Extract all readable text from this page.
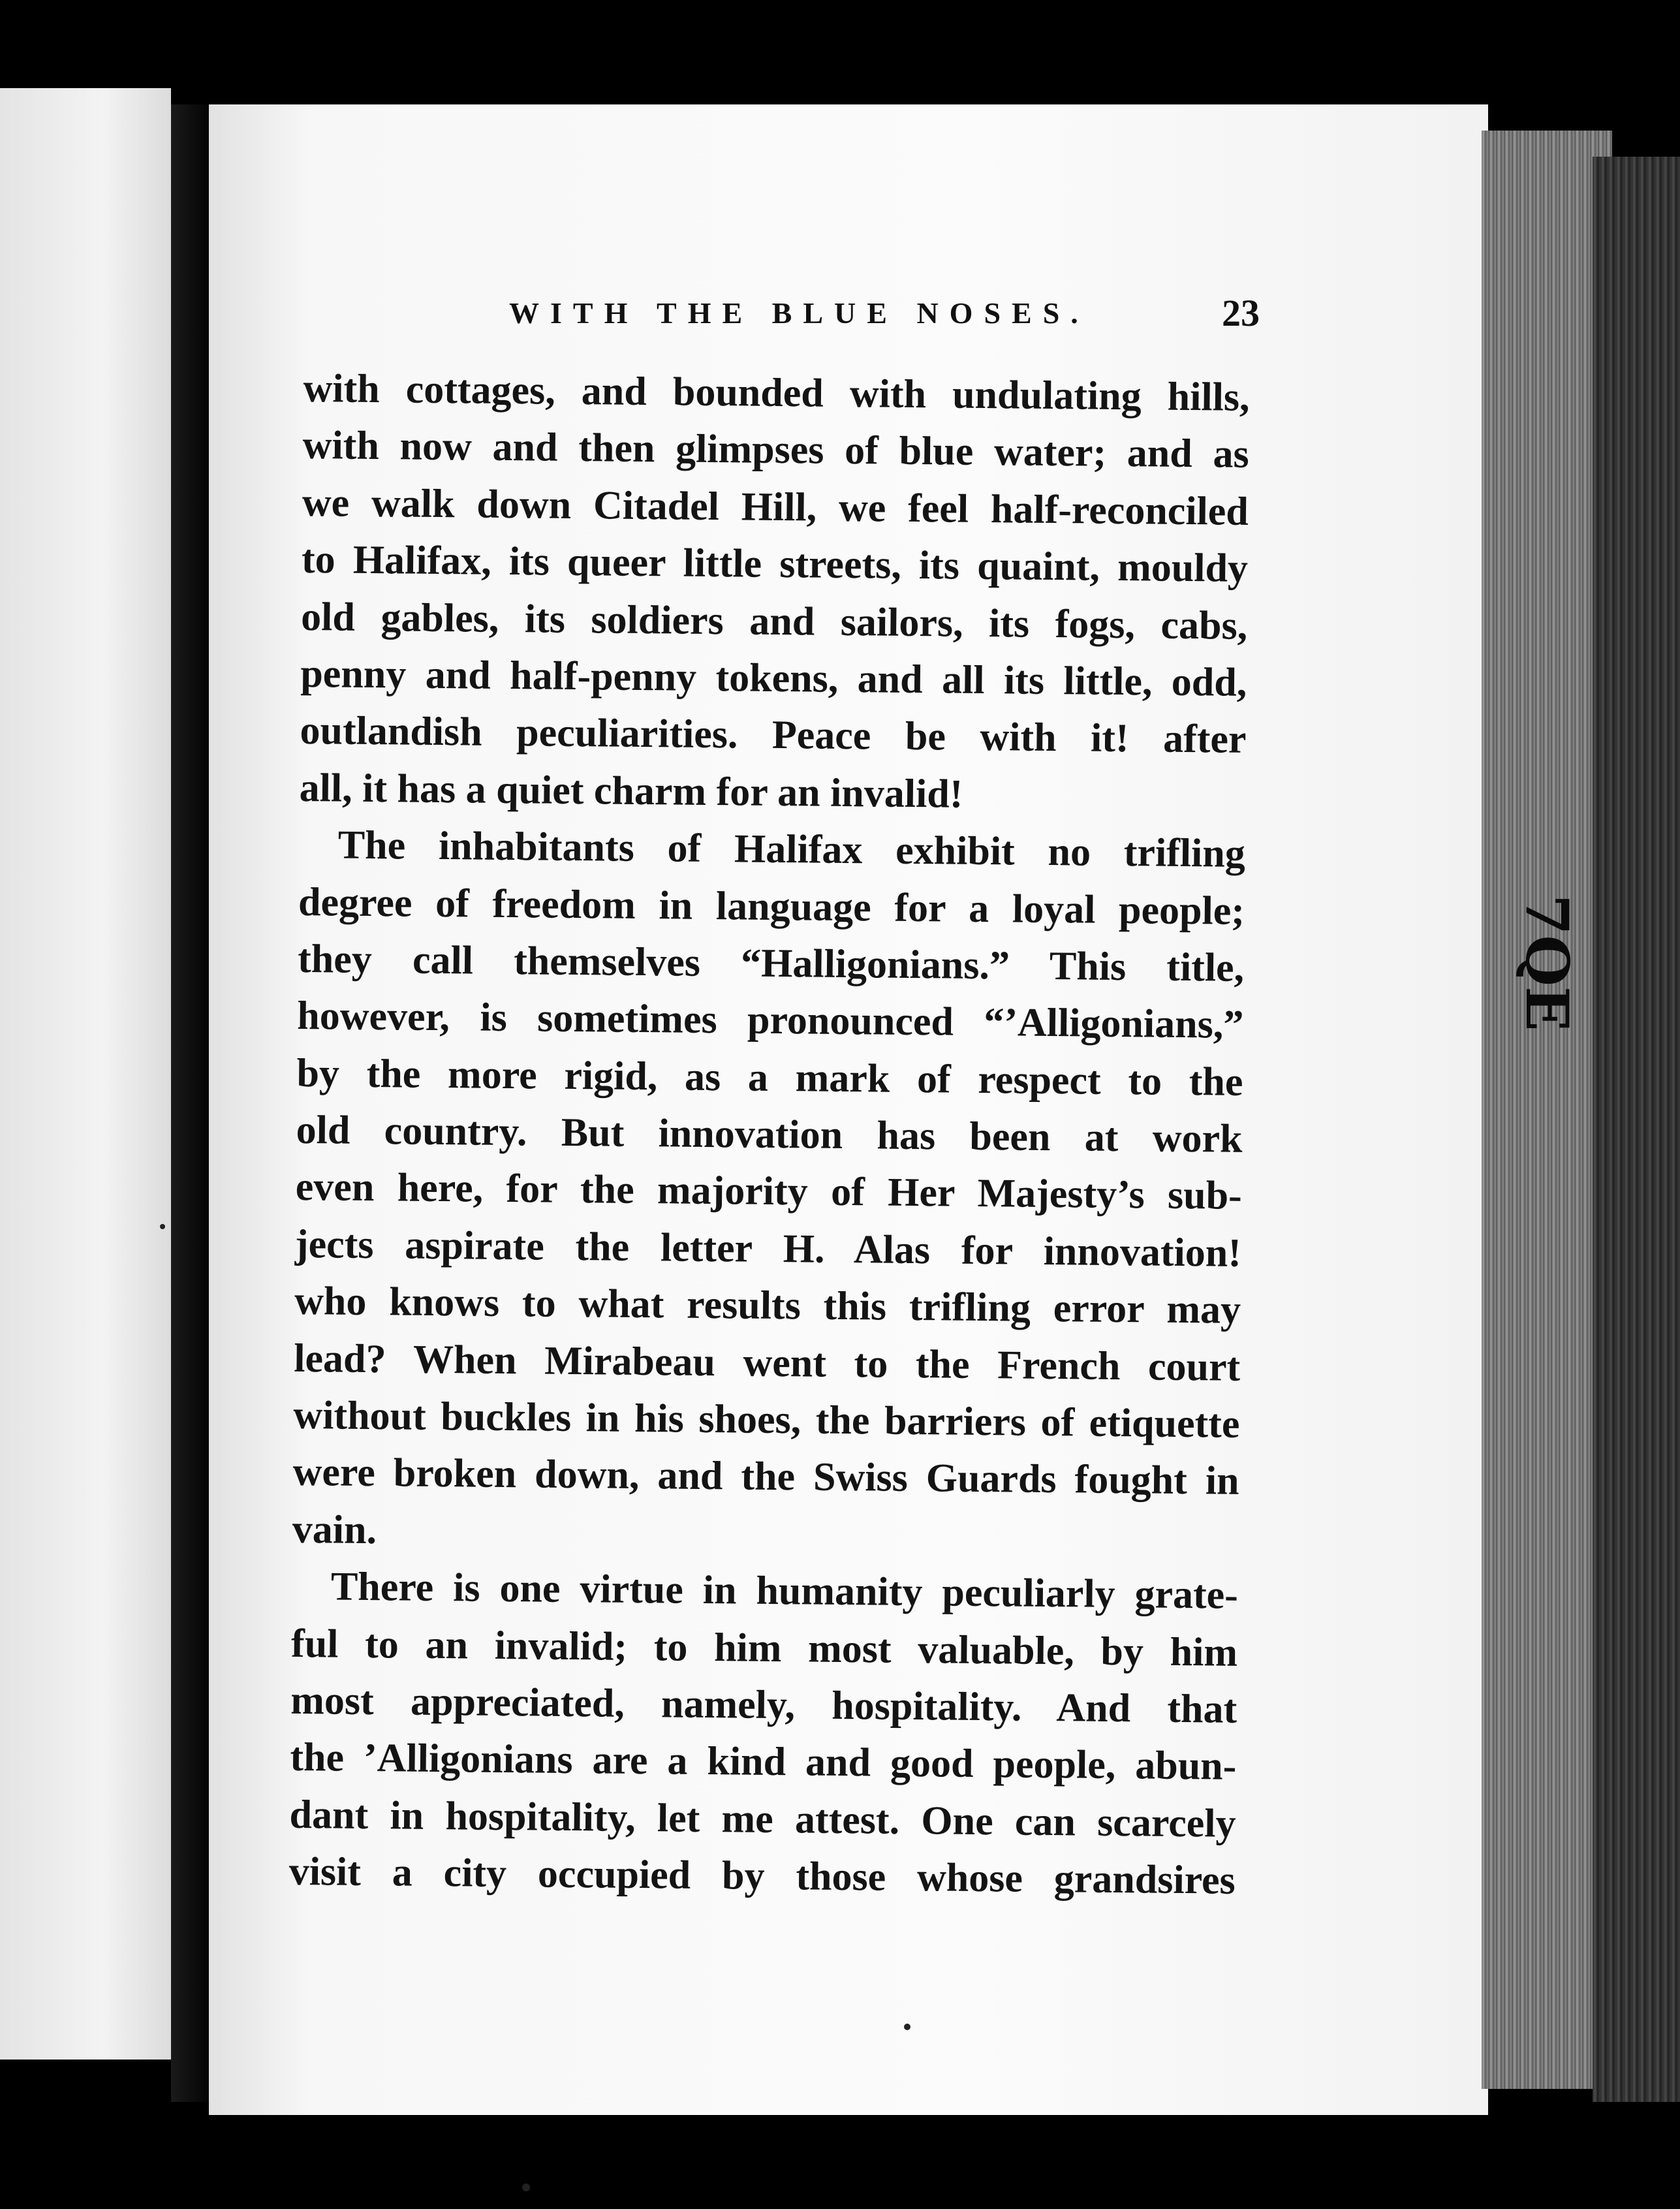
7QE
WITH THE BLUE NOSES.	23
with cottages, and bounded with undulating hills,
with now and then glimpses of blue water; and as
we walk down Citadel Hill, we feel half-reconciled
to Halifax, its queer little streets, its quaint, mouldy
old gables, its soldiers and sailors, its fogs, cabs,
penny and half-penny tokens, and all its little, odd,
outlandish peculiarities. Peace be with it! after
all, it has a quiet charm for an invalid!
The inhabitants of Halifax exhibit no trifling
degree of freedom in language for a loyal people;
they call themselves “Halligonians.” This title,
however, is sometimes pronounced “’Alligonians,”
by the more rigid, as a mark of respect to the
old country. But innovation has been at work
even here, for the majority of Her Majesty’s sub-
jects aspirate the letter H. Alas for innovation!
who knows to what results this trifling error may
lead? When Mirabeau went to the French court
without buckles in his shoes, the barriers of etiquette
were broken down, and the Swiss Guards fought in
vain.
There is one virtue in humanity peculiarly grate-
ful to an invalid; to him most valuable, by him
most appreciated, namely, hospitality. And that
the ’Alligonians are a kind and good people, abun-
dant in hospitality, let me attest. One can scarcely
visit a city occupied by those whose grandsires
